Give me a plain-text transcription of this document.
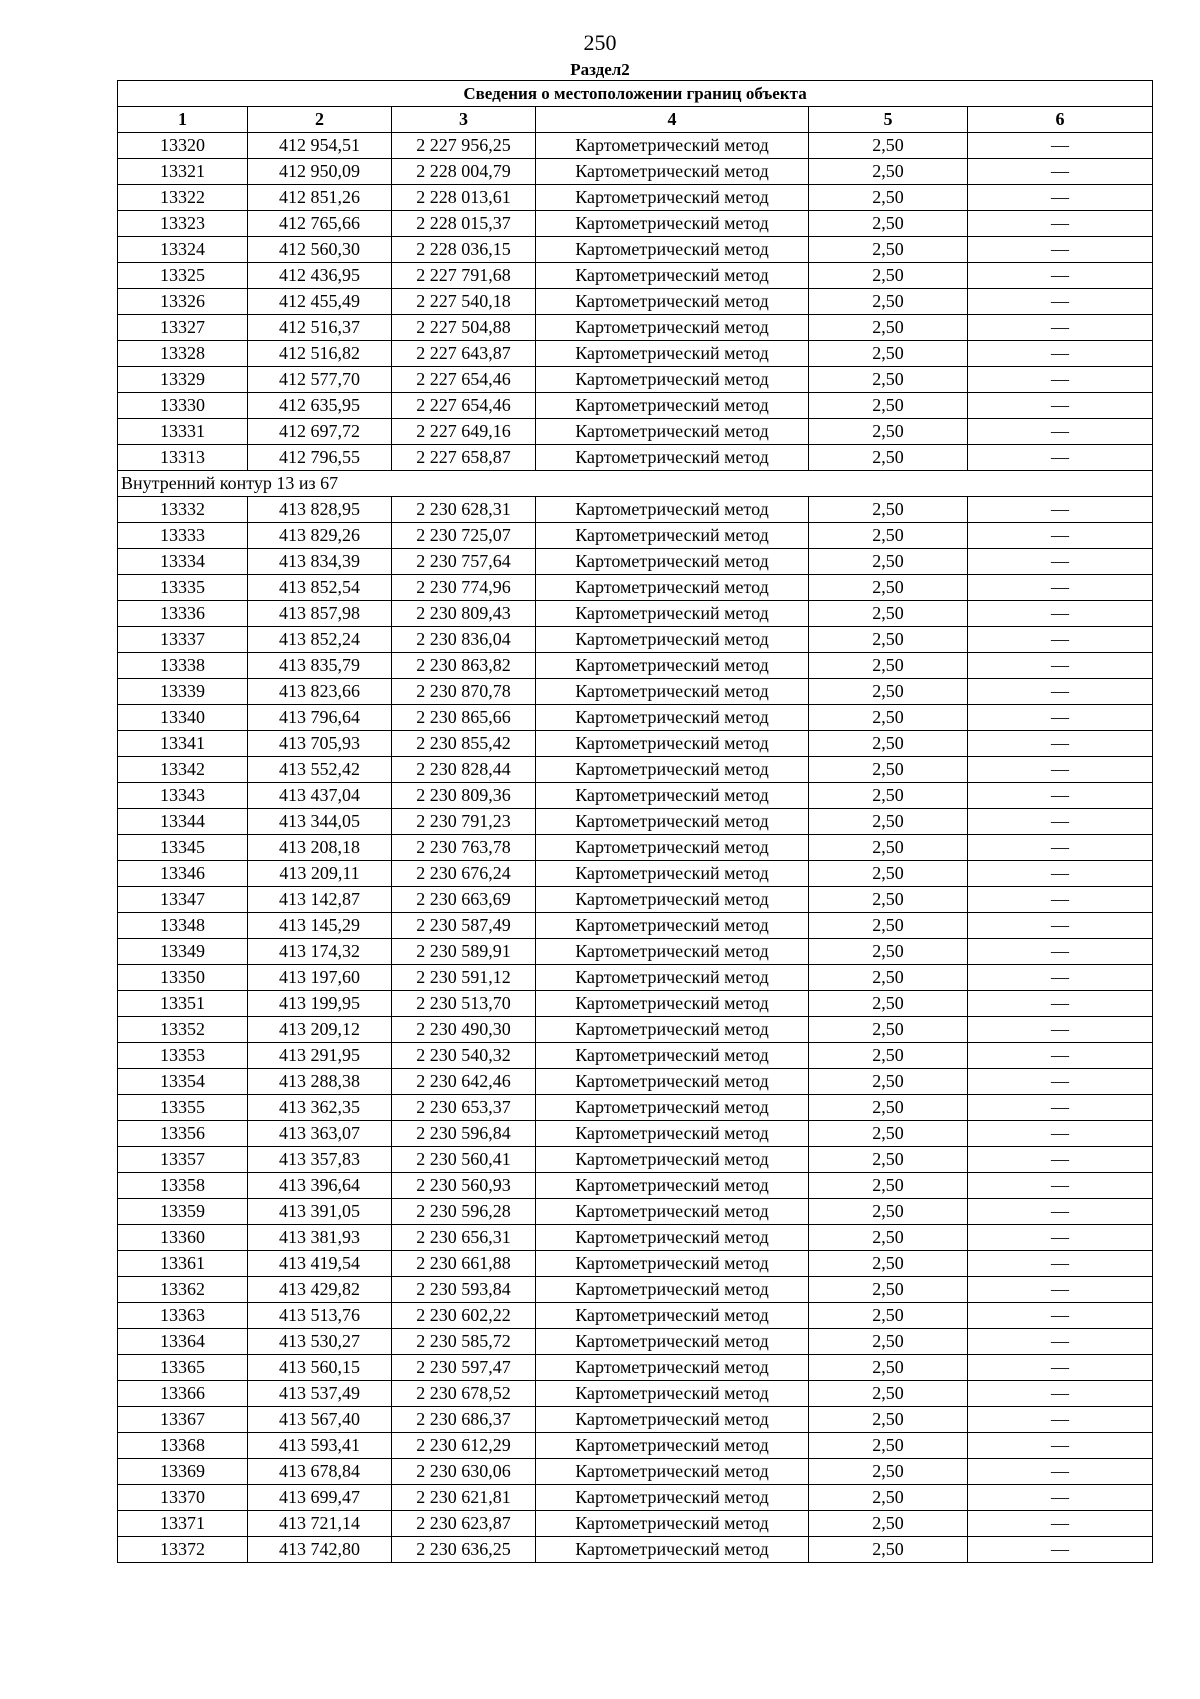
250
Раздел2
Сведения о местоположении границ объекта					
1	2	3	4	5	6
13320	412 954,51	2 227 956,25	Картометрический метод	2,50	—
13321	412 950,09	2 228 004,79	Картометрический метод	2,50	—
13322	412 851,26	2 228 013,61	Картометрический метод	2,50	—
13323	412 765,66	2 228 015,37	Картометрический метод	2,50	—
13324	412 560,30	2 228 036,15	Картометрический метод	2,50	—
13325	412 436,95	2 227 791,68	Картометрический метод	2,50	—
13326	412 455,49	2 227 540,18	Картометрический метод	2,50	—
13327	412 516,37	2 227 504,88	Картометрический метод	2,50	—
13328	412 516,82	2 227 643,87	Картометрический метод	2,50	—
13329	412 577,70	2 227 654,46	Картометрический метод	2,50	—
13330	412 635,95	2 227 654,46	Картометрический метод	2,50	—
13331	412 697,72	2 227 649,16	Картометрический метод	2,50	—
13313	412 796,55	2 227 658,87	Картометрический метод	2,50	—
Внутренний контур 13 из 67					
13332	413 828,95	2 230 628,31	Картометрический метод	2,50	—
13333	413 829,26	2 230 725,07	Картометрический метод	2,50	—
13334	413 834,39	2 230 757,64	Картометрический метод	2,50	—
13335	413 852,54	2 230 774,96	Картометрический метод	2,50	—
13336	413 857,98	2 230 809,43	Картометрический метод	2,50	—
13337	413 852,24	2 230 836,04	Картометрический метод	2,50	—
13338	413 835,79	2 230 863,82	Картометрический метод	2,50	—
13339	413 823,66	2 230 870,78	Картометрический метод	2,50	—
13340	413 796,64	2 230 865,66	Картометрический метод	2,50	—
13341	413 705,93	2 230 855,42	Картометрический метод	2,50	—
13342	413 552,42	2 230 828,44	Картометрический метод	2,50	—
13343	413 437,04	2 230 809,36	Картометрический метод	2,50	—
13344	413 344,05	2 230 791,23	Картометрический метод	2,50	—
13345	413 208,18	2 230 763,78	Картометрический метод	2,50	—
13346	413 209,11	2 230 676,24	Картометрический метод	2,50	—
13347	413 142,87	2 230 663,69	Картометрический метод	2,50	—
13348	413 145,29	2 230 587,49	Картометрический метод	2,50	—
13349	413 174,32	2 230 589,91	Картометрический метод	2,50	—
13350	413 197,60	2 230 591,12	Картометрический метод	2,50	—
13351	413 199,95	2 230 513,70	Картометрический метод	2,50	—
13352	413 209,12	2 230 490,30	Картометрический метод	2,50	—
13353	413 291,95	2 230 540,32	Картометрический метод	2,50	—
13354	413 288,38	2 230 642,46	Картометрический метод	2,50	—
13355	413 362,35	2 230 653,37	Картометрический метод	2,50	—
13356	413 363,07	2 230 596,84	Картометрический метод	2,50	—
13357	413 357,83	2 230 560,41	Картометрический метод	2,50	—
13358	413 396,64	2 230 560,93	Картометрический метод	2,50	—
13359	413 391,05	2 230 596,28	Картометрический метод	2,50	—
13360	413 381,93	2 230 656,31	Картометрический метод	2,50	—
13361	413 419,54	2 230 661,88	Картометрический метод	2,50	—
13362	413 429,82	2 230 593,84	Картометрический метод	2,50	—
13363	413 513,76	2 230 602,22	Картометрический метод	2,50	—
13364	413 530,27	2 230 585,72	Картометрический метод	2,50	—
13365	413 560,15	2 230 597,47	Картометрический метод	2,50	—
13366	413 537,49	2 230 678,52	Картометрический метод	2,50	—
13367	413 567,40	2 230 686,37	Картометрический метод	2,50	—
13368	413 593,41	2 230 612,29	Картометрический метод	2,50	—
13369	413 678,84	2 230 630,06	Картометрический метод	2,50	—
13370	413 699,47	2 230 621,81	Картометрический метод	2,50	—
13371	413 721,14	2 230 623,87	Картометрический метод	2,50	—
13372	413 742,80	2 230 636,25	Картометрический метод	2,50	—
